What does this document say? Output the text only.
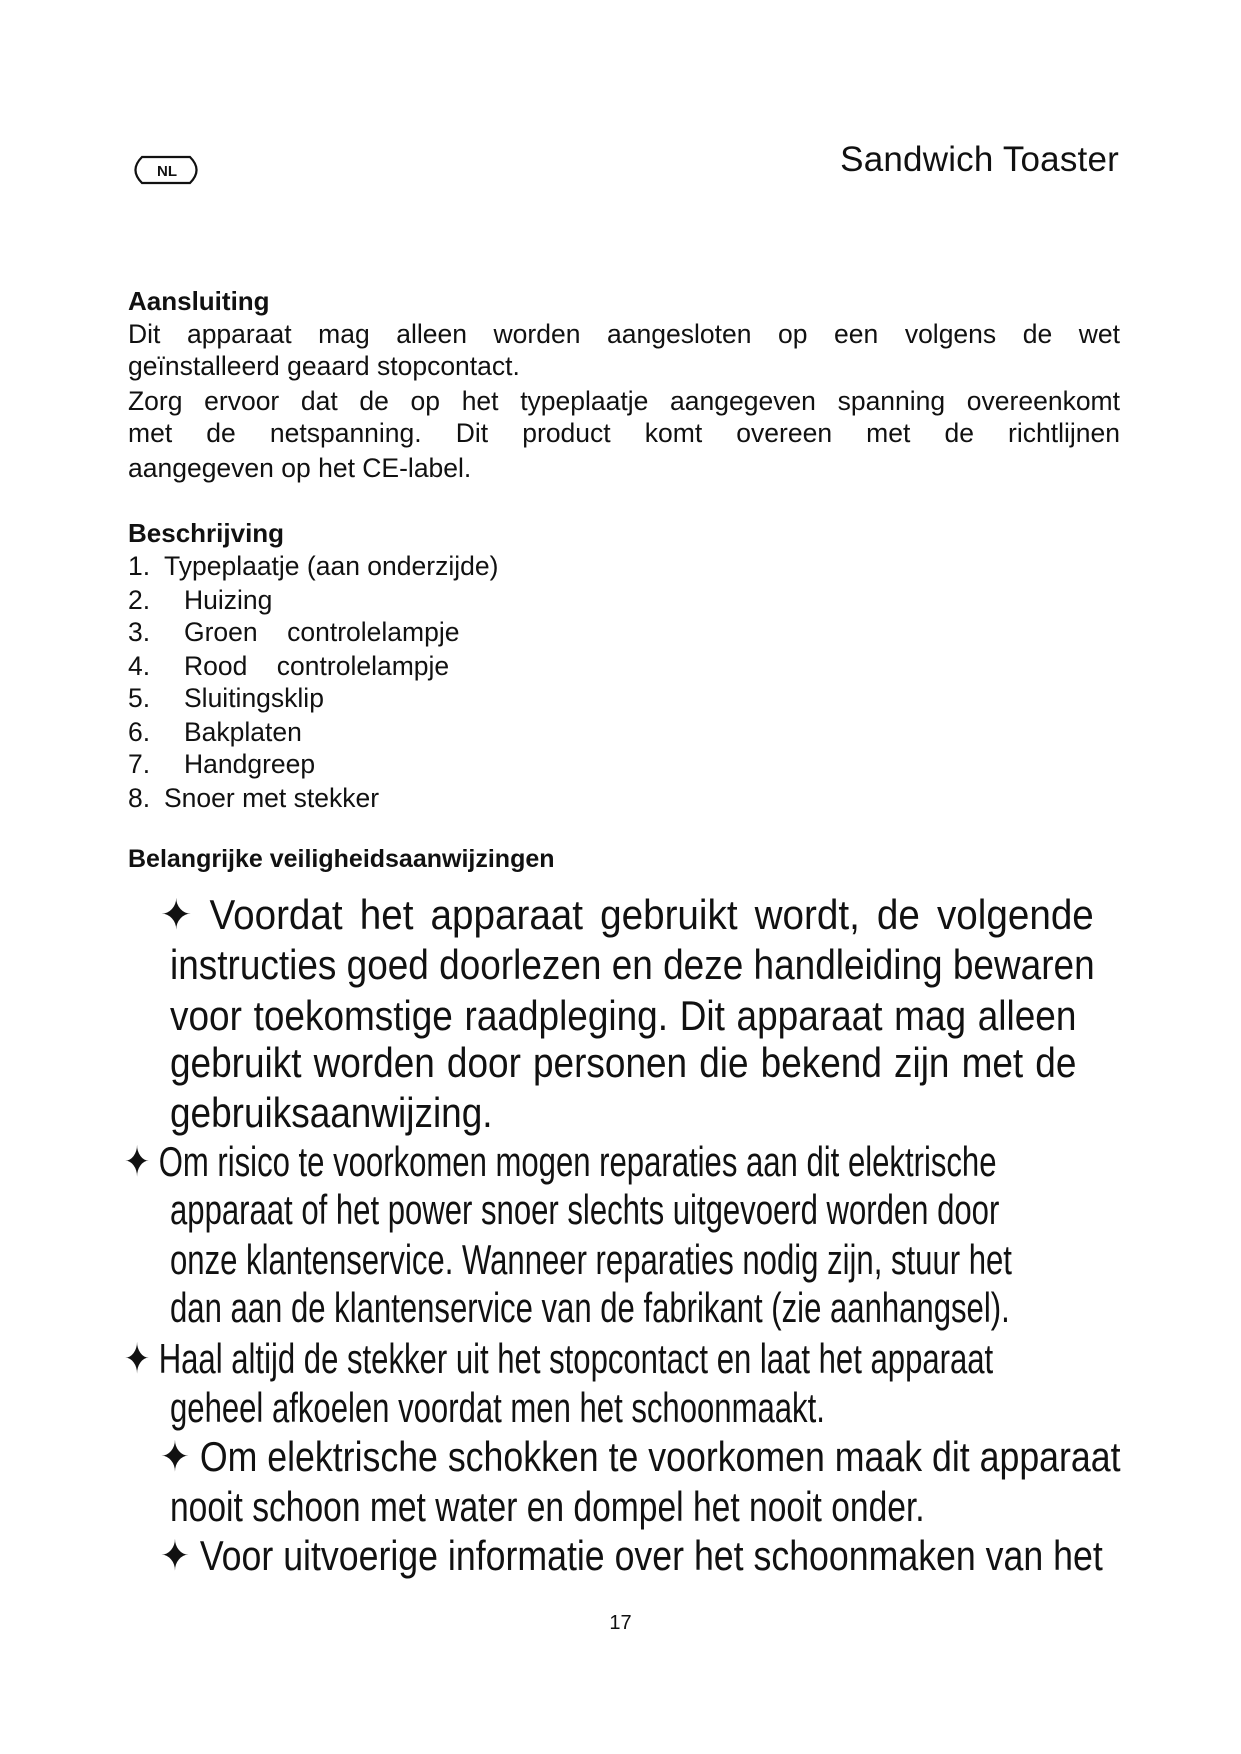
NL	Sandwich Toaster
Aansluiting
Dit apparaat mag alleen worden aangesloten op een volgens de wet
geïnstalleerd geaard stopcontact.
Zorg ervoor dat de op het typeplaatje aangegeven spanning overeenkomt
met de netspanning. Dit product komt overeen met de richtlijnen
aangegeven op het CE-label.
Beschrijving
1. Typeplaatje (aan onderzijde)
2. Huizing
3. Groen    controlelampje
4. Rood    controlelampje
5. Sluitingsklip
6. Bakplaten
7. Handgreep
8. Snoer met stekker
Belangrijke veiligheidsaanwijzingen
✦ Voordat het apparaat gebruikt wordt, de volgende
instructies goed doorlezen en deze handleiding bewaren
voor toekomstige raadpleging. Dit apparaat mag alleen
gebruikt worden door personen die bekend zijn met de
gebruiksaanwijzing.
✦ Om risico te voorkomen mogen reparaties aan dit elektrische
apparaat of het power snoer slechts uitgevoerd worden door
onze klantenservice. Wanneer reparaties nodig zijn, stuur het
dan aan de klantenservice van de fabrikant (zie aanhangsel).
✦ Haal altijd de stekker uit het stopcontact en laat het apparaat
geheel afkoelen voordat men het schoonmaakt.
✦ Om elektrische schokken te voorkomen maak dit apparaat
nooit schoon met water en dompel het nooit onder.
✦ Voor uitvoerige informatie over het schoonmaken van het
17
